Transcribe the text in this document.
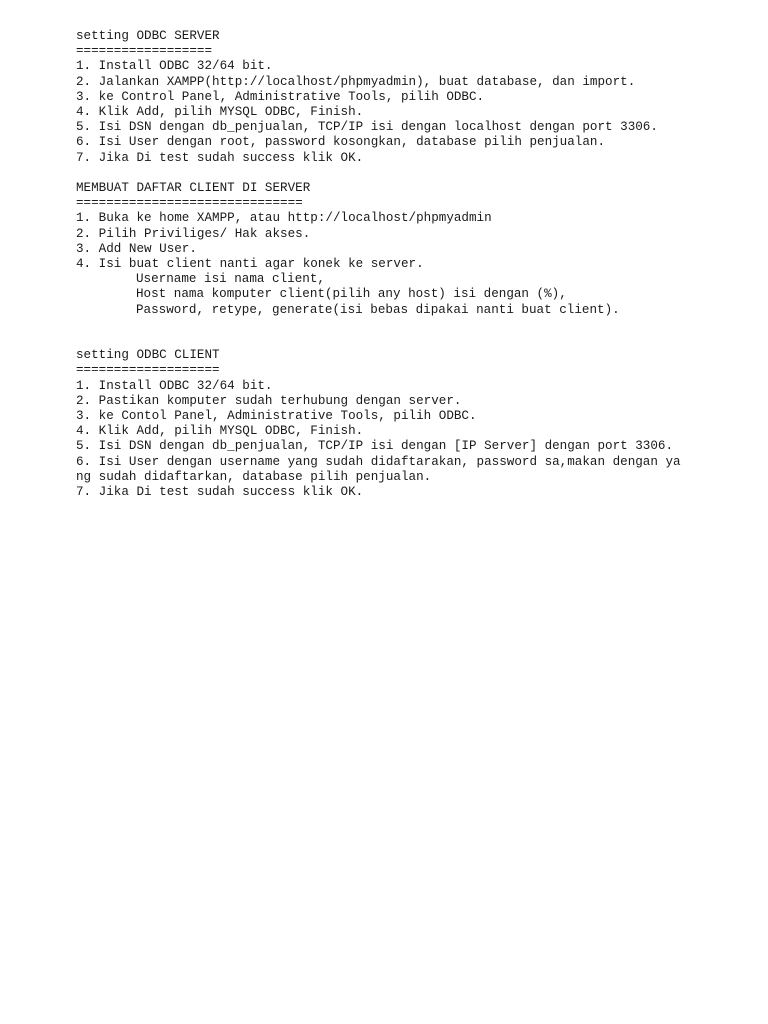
setting ODBC SERVER
==================
1. Install ODBC 32/64 bit.
2. Jalankan XAMPP(http://localhost/phpmyadmin), buat database, dan import.
3. ke Control Panel, Administrative Tools, pilih ODBC.
4. Klik Add, pilih MYSQL ODBC, Finish.
5. Isi DSN dengan db_penjualan, TCP/IP isi dengan localhost dengan port 3306.
6. Isi User dengan root, password kosongkan, database pilih penjualan.
7. Jika Di test sudah success klik OK.
MEMBUAT DAFTAR CLIENT DI SERVER
==============================
1. Buka ke home XAMPP, atau http://localhost/phpmyadmin
2. Pilih Priviliges/ Hak akses.
3. Add New User.
4. Isi buat client nanti agar konek ke server.
Username isi nama client,
Host nama komputer client(pilih any host) isi dengan (%),
Password, retype, generate(isi bebas dipakai nanti buat client).
setting ODBC CLIENT
===================
1. Install ODBC 32/64 bit.
2. Pastikan komputer sudah terhubung dengan server.
3. ke Contol Panel, Administrative Tools, pilih ODBC.
4. Klik Add, pilih MYSQL ODBC, Finish.
5. Isi DSN dengan db_penjualan, TCP/IP isi dengan [IP Server] dengan port 3306.
6. Isi User dengan username yang sudah didaftarakan, password sa,makan dengan ya
ng sudah didaftarkan, database pilih penjualan.
7. Jika Di test sudah success klik OK.
